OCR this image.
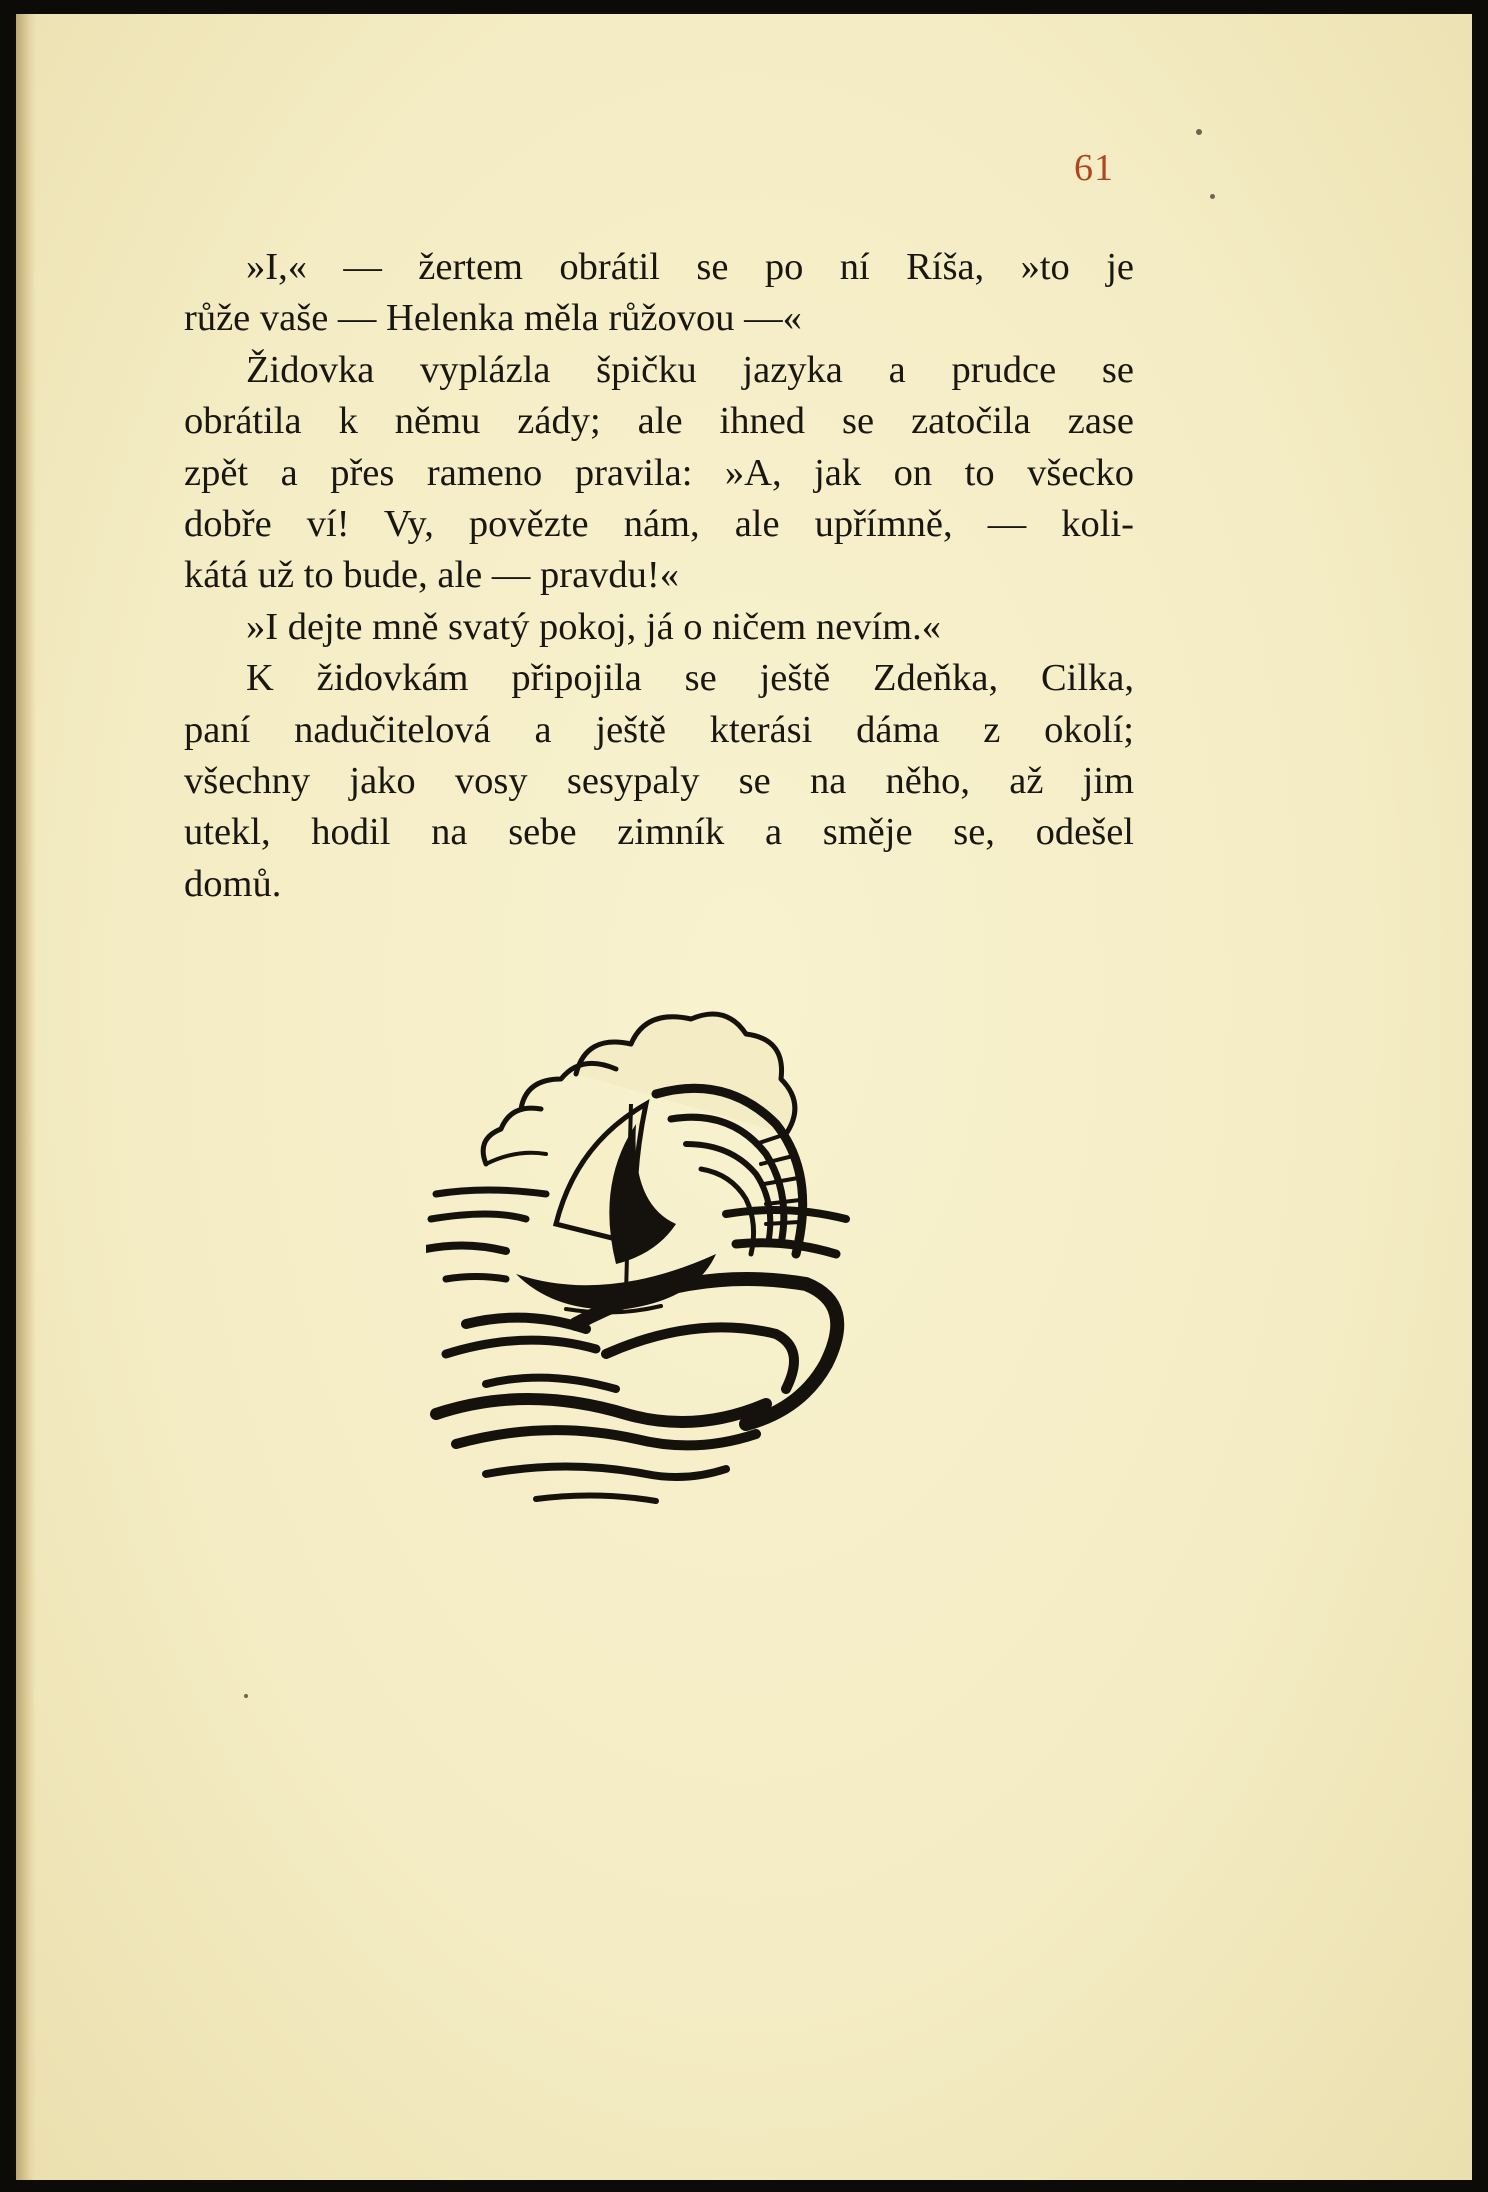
61
»I,« — žertem obrátil se po ní Ríša, »to je
růže vaše — Helenka měla růžovou —«
Židovka vyplázla špičku jazyka a prudce se
obrátila k němu zády; ale ihned se zatočila zase
zpět a přes rameno pravila: »A, jak on to všecko
dobře ví! Vy, povězte nám, ale upřímně, — koli-
kátá už to bude, ale — pravdu!«
»I dejte mně svatý pokoj, já o ničem nevím.«
K židovkám připojila se ještě Zdeňka, Cilka,
paní nadučitelová a ještě kterási dáma z okolí;
všechny jako vosy sesypaly se na něho, až jim
utekl, hodil na sebe zimník a směje se, odešel
domů.
